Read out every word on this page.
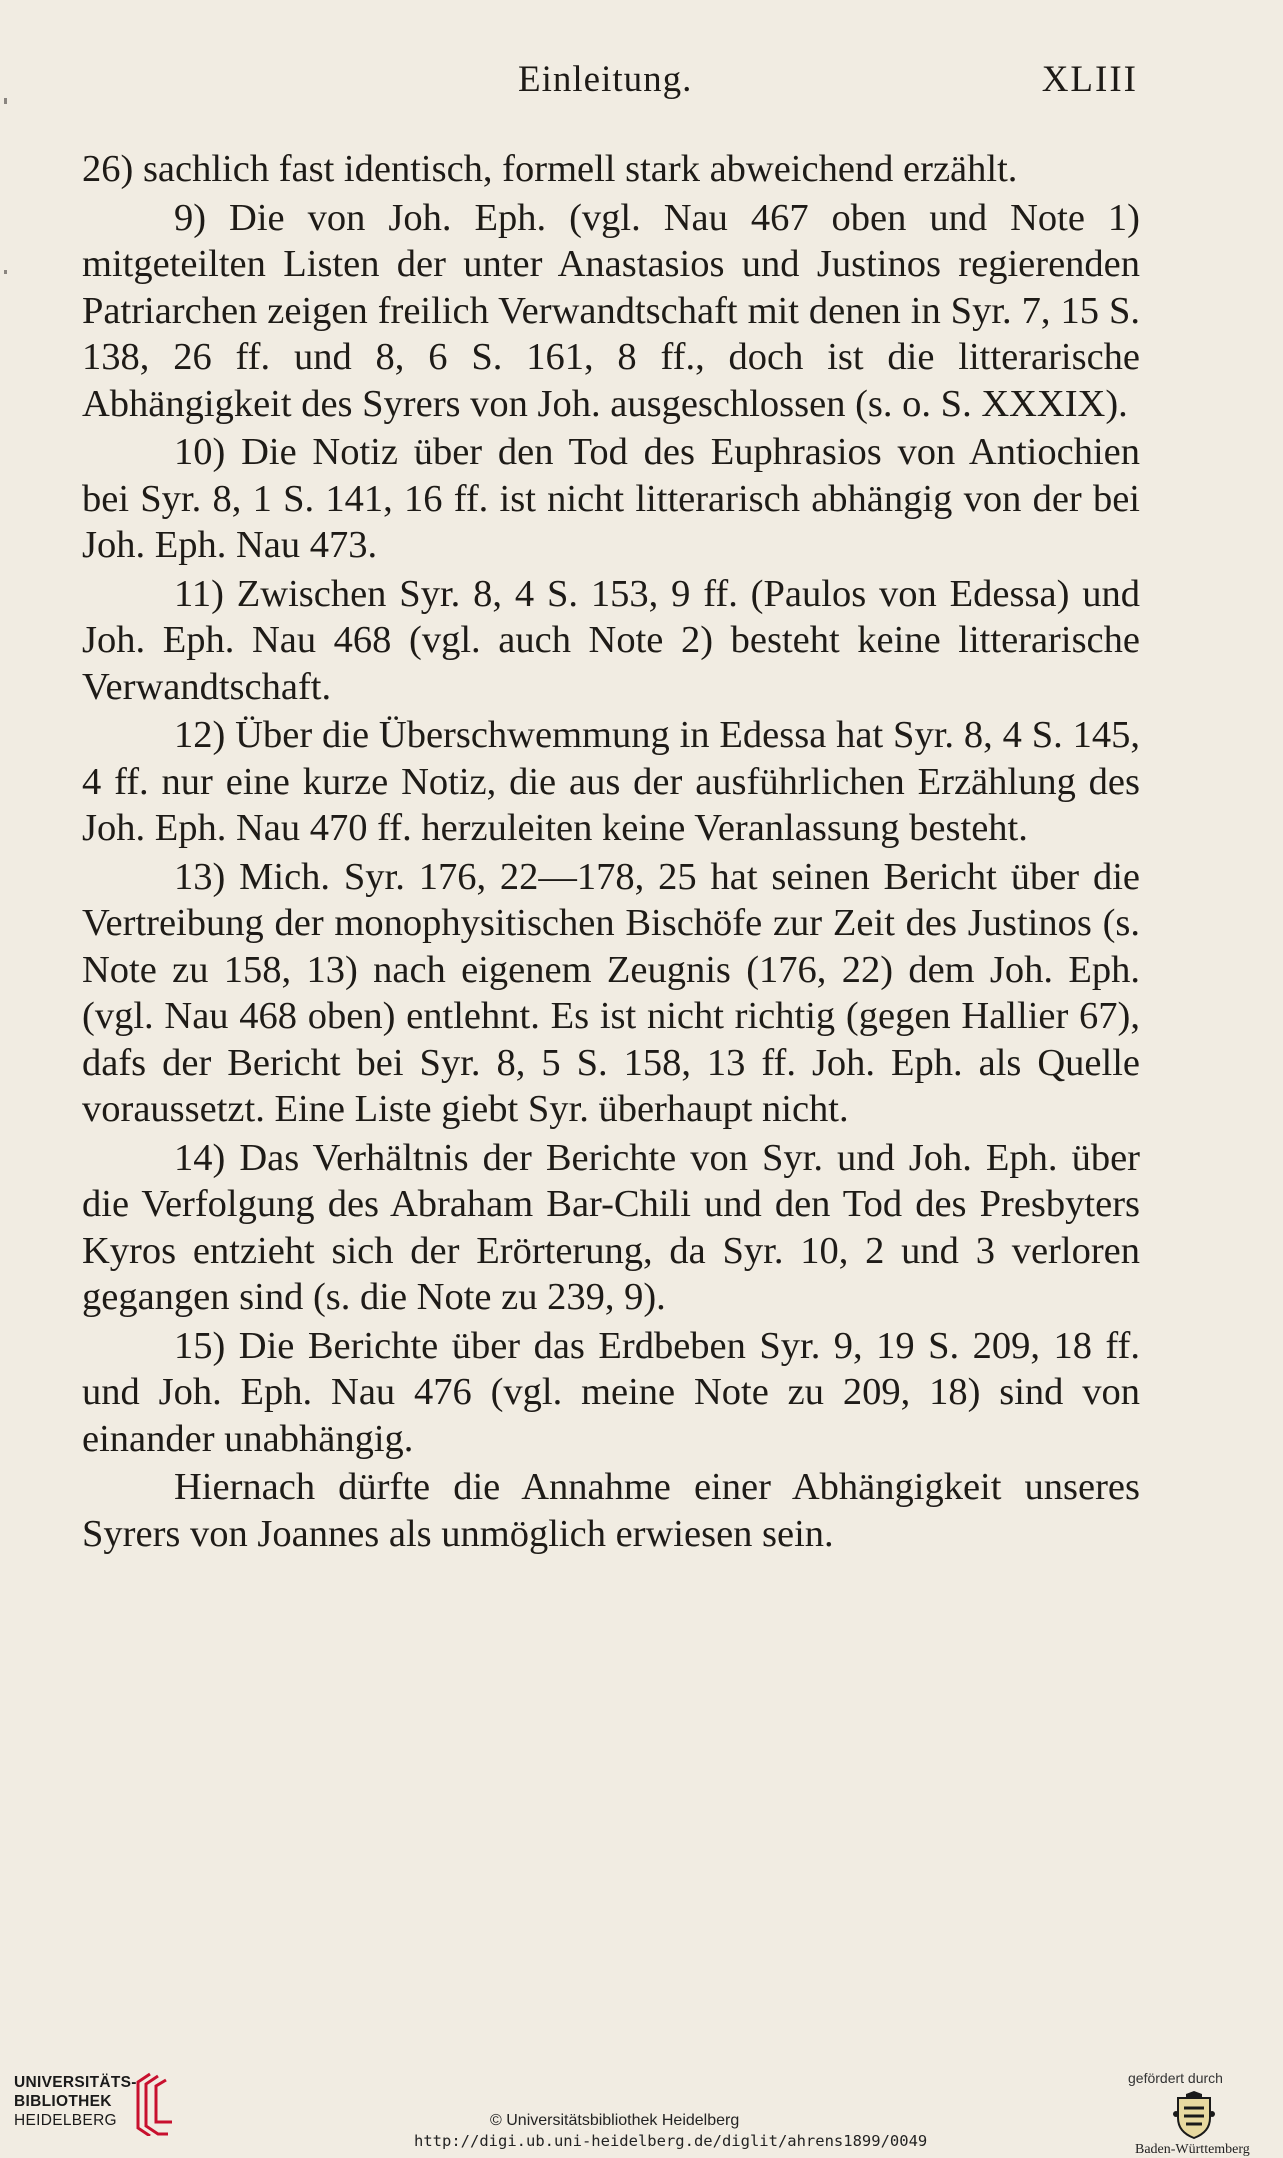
Einleitung.	XLIII

26) sachlich fast identisch, formell stark abweichend erzählt.

9) Die von Joh. Eph. (vgl. Nau 467 oben und Note 1) mitgeteilten Listen der unter Anastasios und Justinos regierenden Patriarchen zeigen freilich Verwandtschaft mit denen in Syr. 7, 15 S. 138, 26 ff. und 8, 6 S. 161, 8 ff., doch ist die litterarische Abhängigkeit des Syrers von Joh. ausgeschlossen (s. o. S. XXXIX).

10) Die Notiz über den Tod des Euphrasios von Antiochien bei Syr. 8, 1 S. 141, 16 ff. ist nicht litterarisch abhängig von der bei Joh. Eph. Nau 473.

11) Zwischen Syr. 8, 4 S. 153, 9 ff. (Paulos von Edessa) und Joh. Eph. Nau 468 (vgl. auch Note 2) besteht keine litterarische Verwandtschaft.

12) Über die Überschwemmung in Edessa hat Syr. 8, 4 S. 145, 4 ff. nur eine kurze Notiz, die aus der ausführlichen Erzählung des Joh. Eph. Nau 470 ff. herzuleiten keine Veranlassung besteht.

13) Mich. Syr. 176, 22—178, 25 hat seinen Bericht über die Vertreibung der monophysitischen Bischöfe zur Zeit des Justinos (s. Note zu 158, 13) nach eigenem Zeugnis (176, 22) dem Joh. Eph. (vgl. Nau 468 oben) entlehnt. Es ist nicht richtig (gegen Hallier 67), dafs der Bericht bei Syr. 8, 5 S. 158, 13 ff. Joh. Eph. als Quelle voraussetzt. Eine Liste giebt Syr. überhaupt nicht.

14) Das Verhältnis der Berichte von Syr. und Joh. Eph. über die Verfolgung des Abraham Bar-Chili und den Tod des Presbyters Kyros entzieht sich der Erörterung, da Syr. 10, 2 und 3 verloren gegangen sind (s. die Note zu 239, 9).

15) Die Berichte über das Erdbeben Syr. 9, 19 S. 209, 18 ff. und Joh. Eph. Nau 476 (vgl. meine Note zu 209, 18) sind von einander unabhängig.

Hiernach dürfte die Annahme einer Abhängigkeit unseres Syrers von Joannes als unmöglich erwiesen sein.

UNIVERSITÄTS-
BIBLIOTHEK
HEIDELBERG	© Universitätsbibliothek Heidelberg
http://digi.ub.uni-heidelberg.de/diglit/ahrens1899/0049
gefördert durch
Baden-Württemberg
